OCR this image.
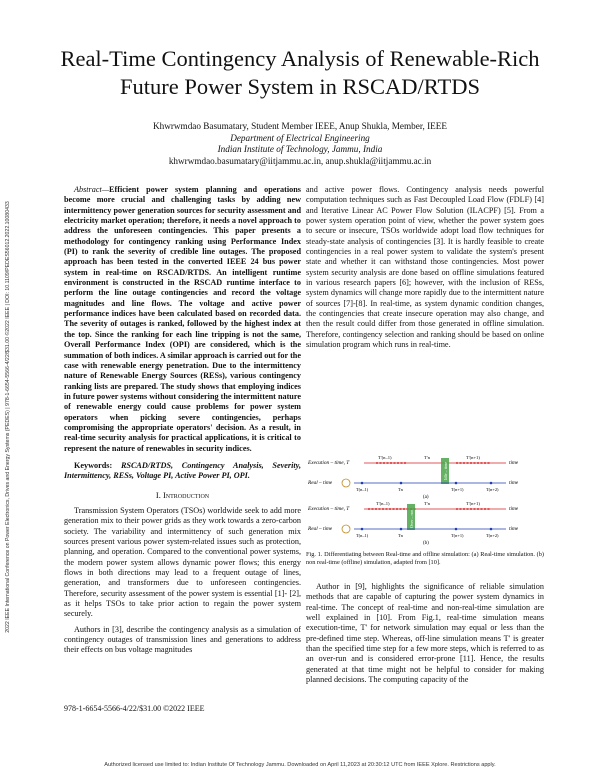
2022 IEEE International Conference on Power Electronics, Drives and Energy Systems (PEDES) | 978-1-6654-5566-4/22/$31.00 ©2022 IEEE | DOI: 10.1109/PEDES56012.2022.10080433
Real-Time Contingency Analysis of Renewable-Rich Future Power System in RSCAD/RTDS
Khwrwmdao Basumatary, Student Member IEEE, Anup Shukla, Member, IEEE
Department of Electrical Engineering
Indian Institute of Technology, Jammu, India
khwrwmdao.basumatary@iitjammu.ac.in, anup.shukla@iitjammu.ac.in

Abstract—Efficient power system planning and operations become more crucial and challenging tasks by adding new intermittency power generation sources for security assessment and electricity market operation; therefore, it needs a novel approach to address the unforeseen contingencies. This paper presents a methodology for contingency ranking using Performance Index (PI) to rank the severity of credible line outages. The proposed approach has been tested in the converted IEEE 24 bus power system in real-time on RSCAD/RTDS. An intelligent runtime environment is constructed in the RSCAD runtime interface to perform the line outage contingencies and record the voltage magnitudes and line flows. The voltage and active power performance indices have been calculated based on recorded data. The severity of outages is ranked, followed by the highest index at the top. Since the ranking for each line tripping is not the same, Overall Performance Index (OPI) are considered, which is the summation of both indices. A similar approach is carried out for the case with renewable energy penetration. Due to the intermittency nature of Renewable Energy Sources (RESs), various contingency ranking lists are prepared. The study shows that employing indices in future power systems without considering the intermittent nature of renewable energy could cause problems for power system operators when picking severe contingencies, perhaps compromising the appropriate operators' decision. As a result, in real-time security analysis for practical applications, it is critical to represent the nature of renewables in security indices.

Keywords: RSCAD/RTDS, Contingency Analysis, Severity, Intermittency, RESs, Voltage PI, Active Power PI, OPI.

I. Introduction

Transmission System Operators (TSOs) worldwide seek to add more generation mix to their power grids as they work towards a zero-carbon society. The variability and intermittency of such generation mix sources present various power system-related issues such as protection, planning, and operation. Compared to the conventional power systems, the modern power system allows dynamic power flows; this energy flows in both directions may lead to a frequent outage of lines, generation, and transformers due to unforeseen contingencies. Therefore, security assessment of the power system is essential [1]- [2], as it helps TSOs to take prior action to regain the power system securely.

Authors in [3], describe the contingency analysis as a simulation of contingency outages of transmission lines and generations to address their effects on bus voltage magnitudes

978-1-6654-5566-4/22/$31.00 ©2022 IEEE

and active power flows. Contingency analysis needs powerful computation techniques such as Fast Decoupled Load Flow (FDLF) [4] and Iterative Linear AC Power Flow Solution (ILACPF) [5]. From a power system operation point of view, whether the power system goes to secure or insecure, TSOs worldwide adopt load flow techniques for steady-state analysis of contingencies [3]. It is hardly feasible to create contingencies in a real power system to validate the system's present state and whether it can withstand those contingencies. Most power system security analysis are done based on offline simulations featured in various research papers [6]; however, with the inclusion of RESs, system dynamics will change more rapidly due to the intermittent nature of sources [7]-[8]. In real-time, as system dynamic condition changes, the contingencies that create insecure operation may also change, and then the result could differ from those generated in offline simulation. Therefore, contingency selection and ranking should be based on online simulation program which runs in real-time.

Execution – time, T	time
T'(n–1)	T'n	T'(n+1)
Idle – time
Real – time	time
T(n–1)	Tn	T(n+1)	T(n+2)
(a)
Execution – time, T	time
T'(n–1)	T'n	T'(n+1)
Over – run
Real – time	time
T(n–1)	Tn	T(n+1)	T(n+2)
(b)
Fig. 1. Differentiating between Real-time and offline simulation: (a) Real-time simulation. (b) non real-time (offline) simulation, adapted from [10].

Author in [9], highlights the significance of reliable simulation methods that are capable of capturing the power system dynamics in real-time. The concept of real-time and non-real-time simulation are well explained in [10]. From Fig.1, real-time simulation means execution-time, T' for network simulation may equal or less than the pre-defined time step. Whereas, off-line simulation means T' is greater than the specified time step for a few more steps, which is referred to as an over-run and is considered error-prone [11]. Hence, the results generated at that time might not be helpful to consider for making planned decisions. The computing capacity of the

Authorized licensed use limited to: Indian Institute Of Technology Jammu. Downloaded on April 11,2023 at 20:30:12 UTC from IEEE Xplore. Restrictions apply.
